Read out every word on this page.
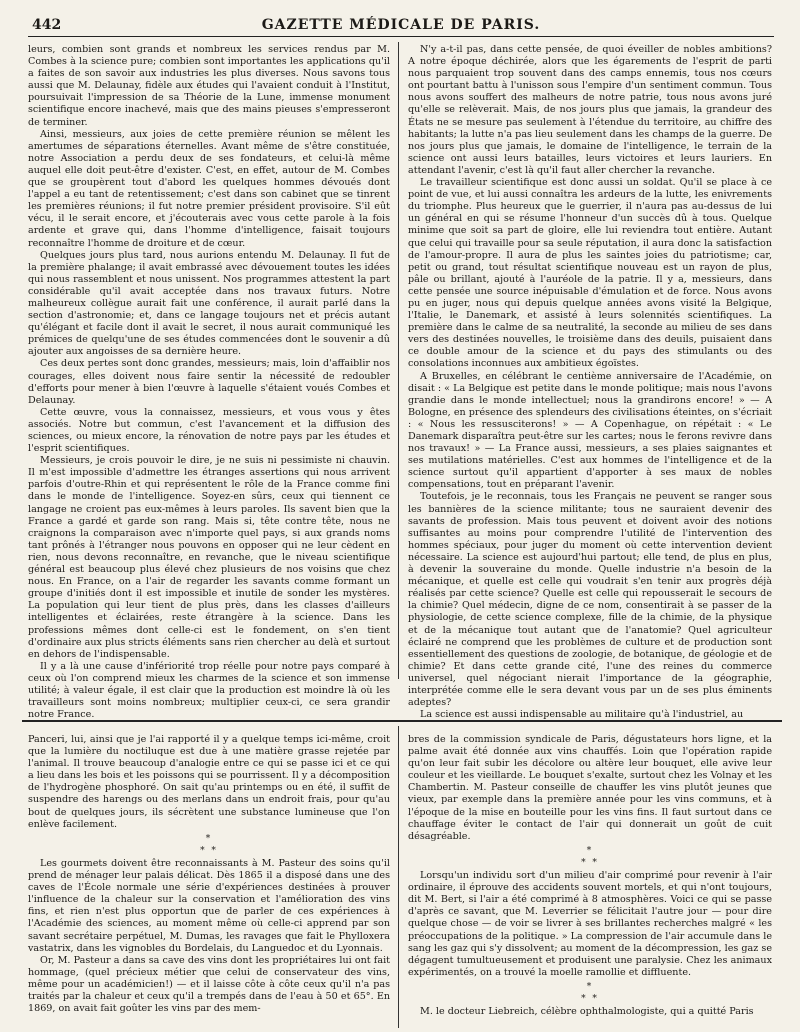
442	GAZETTE MÉDICALE DE PARIS.

leurs, combien sont grands et nombreux les services rendus par M. Combes à la science pure; combien sont importantes les applications qu'il a faites de son savoir aux industries les plus diverses. Nous savons tous aussi que M. Delaunay, fidèle aux études qui l'avaient conduit à l'Institut, poursuivait l'impression de sa Théorie de la Lune, immense monument scientifique encore inachevé, mais que des mains pieuses s'empresseront de terminer.

Ainsi, messieurs, aux joies de cette première réunion se mêlent les amertumes de séparations éternelles. Avant même de s'être constituée, notre Association a perdu deux de ses fondateurs, et celui-là même auquel elle doit peut-être d'exister. C'est, en effet, autour de M. Combes que se groupèrent tout d'abord les quelques hommes dévoués dont l'appel a eu tant de retentissement; c'est dans son cabinet que se tinrent les premières réunions; il fut notre premier président provisoire. S'il eût vécu, il le serait encore, et j'écouterais avec vous cette parole à la fois ardente et grave qui, dans l'homme d'intelligence, faisait toujours reconnaître l'homme de droiture et de cœur.

Quelques jours plus tard, nous aurions entendu M. Delaunay. Il fut de la première phalange; il avait embrassé avec dévouement toutes les idées qui nous rassemblent et nous unissent. Nos programmes attestent la part considérable qu'il avait acceptée dans nos travaux futurs. Notre malheureux collègue aurait fait une conférence, il aurait parlé dans la section d'astronomie; et, dans ce langage toujours net et précis autant qu'élégant et facile dont il avait le secret, il nous aurait communiqué les prémices de quelqu'une de ses études commencées dont le souvenir a dû ajouter aux angoisses de sa dernière heure.

Ces deux pertes sont donc grandes, messieurs; mais, loin d'affaiblir nos courages, elles doivent nous faire sentir la nécessité de redoubler d'efforts pour mener à bien l'œuvre à laquelle s'étaient voués Combes et Delaunay.

Cette œuvre, vous la connaissez, messieurs, et vous vous y êtes associés. Notre but commun, c'est l'avancement et la diffusion des sciences, ou mieux encore, la rénovation de notre pays par les études et l'esprit scientifiques.

Messieurs, je crois pouvoir le dire, je ne suis ni pessimiste ni chauvin. Il m'est impossible d'admettre les étranges assertions qui nous arrivent parfois d'outre-Rhin et qui représentent le rôle de la France comme fini dans le monde de l'intelligence. Soyez-en sûrs, ceux qui tiennent ce langage ne croient pas eux-mêmes à leurs paroles. Ils savent bien que la France a gardé et garde son rang. Mais si, tête contre tête, nous ne craignons la comparaison avec n'importe quel pays, si aux grands noms tant prônés à l'étranger nous pouvons en opposer qui ne leur cèdent en rien, nous devons reconnaître, en revanche, que le niveau scientifique général est beaucoup plus élevé chez plusieurs de nos voisins que chez nous. En France, on a l'air de regarder les savants comme formant un groupe d'initiés dont il est impossible et inutile de sonder les mystères. La population qui leur tient de plus près, dans les classes d'ailleurs intelligentes et éclairées, reste étrangère à la science. Dans les professions mêmes dont celle-ci est le fondement, on s'en tient d'ordinaire aux plus stricts éléments sans rien chercher au delà et surtout en dehors de l'indispensable.

Il y a là une cause d'infériorité trop réelle pour notre pays comparé à ceux où l'on comprend mieux les charmes de la science et son immense utilité; à valeur égale, il est clair que la production est moindre là où les travailleurs sont moins nombreux; multiplier ceux-ci, ce sera grandir notre France.

N'y a-t-il pas, dans cette pensée, de quoi éveiller de nobles ambitions? A notre époque déchirée, alors que les égarements de l'esprit de parti nous parquaient trop souvent dans des camps ennemis, tous nos cœurs ont pourtant battu à l'unisson sous l'empire d'un sentiment commun. Tous nous avons souffert des malheurs de notre patrie, tous nous avons juré qu'elle se relèverait. Mais, de nos jours plus que jamais, la grandeur des États ne se mesure pas seulement à l'étendue du territoire, au chiffre des habitants; la lutte n'a pas lieu seulement dans les champs de la guerre. De nos jours plus que jamais, le domaine de l'intelligence, le terrain de la science ont aussi leurs batailles, leurs victoires et leurs lauriers. En attendant l'avenir, c'est là qu'il faut aller chercher la revanche.

Le travailleur scientifique est donc aussi un soldat. Qu'il se place à ce point de vue, et lui aussi connaîtra les ardeurs de la lutte, les enivrements du triomphe. Plus heureux que le guerrier, il n'aura pas au-dessus de lui un général en qui se résume l'honneur d'un succès dû à tous. Quelque minime que soit sa part de gloire, elle lui reviendra tout entière. Autant que celui qui travaille pour sa seule réputation, il aura donc la satisfaction de l'amour-propre. Il aura de plus les saintes joies du patriotisme; car, petit ou grand, tout résultat scientifique nouveau est un rayon de plus, pâle ou brillant, ajouté à l'auréole de la patrie. Il y a, messieurs, dans cette pensée une source inépuisable d'émulation et de force. Nous avons pu en juger, nous qui depuis quelque années avons visité la Belgique, l'Italie, le Danemark, et assisté à leurs solennités scientifiques. La première dans le calme de sa neutralité, la seconde au milieu de ses dans vers des destinées nouvelles, le troisième dans des deuils, puisaient dans ce double amour de la science et du pays des stimulants ou des consolations inconnues aux ambitieux égoïstes.

A Bruxelles, en célébrant le centième anniversaire de l'Académie, on disait : « La Belgique est petite dans le monde politique; mais nous l'avons grandie dans le monde intellectuel; nous la grandirons encore! » — A Bologne, en présence des splendeurs des civilisations éteintes, on s'écriait : « Nous les ressusciterons! » — A Copenhague, on répétait : « Le Danemark disparaîtra peut-être sur les cartes; nous le ferons revivre dans nos travaux! » — La France aussi, messieurs, a ses plaies saignantes et ses mutilations matérielles. C'est aux hommes de l'intelligence et de la science surtout qu'il appartient d'apporter à ses maux de nobles compensations, tout en préparant l'avenir.

Toutefois, je le reconnais, tous les Français ne peuvent se ranger sous les bannières de la science militante; tous ne sauraient devenir des savants de profession. Mais tous peuvent et doivent avoir des notions suffisantes au moins pour comprendre l'utilité de l'intervention des hommes spéciaux, pour juger du moment où cette intervention devient nécessaire. La science est aujourd'hui partout; elle tend, de plus en plus, à devenir la souveraine du monde. Quelle industrie n'a besoin de la mécanique, et quelle est celle qui voudrait s'en tenir aux progrès déjà réalisés par cette science? Quelle est celle qui repousserait le secours de la chimie? Quel médecin, digne de ce nom, consentirait à se passer de la physiologie, de cette science complexe, fille de la chimie, de la physique et de la mécanique tout autant que de l'anatomie? Quel agriculteur éclairé ne comprend que les problèmes de culture et de production sont essentiellement des questions de zoologie, de botanique, de géologie et de chimie? Et dans cette grande cité, l'une des reines du commerce universel, quel négociant nierait l'importance de la géographie, interprétée comme elle le sera devant vous par un de ses plus éminents adeptes?

La science est aussi indispensable au militaire qu'à l'industriel, au

Panceri, lui, ainsi que je l'ai rapporté il y a quelque temps ici-même, croit que la lumière du noctiluque est due à une matière grasse rejetée par l'animal. Il trouve beaucoup d'analogie entre ce qui se passe ici et ce qui a lieu dans les bois et les poissons qui se pourrissent. Il y a décomposition de l'hydrogène phosphoré. On sait qu'au printemps ou en été, il suffit de suspendre des harengs ou des merlans dans un endroit frais, pour qu'au bout de quelques jours, ils sécrètent une substance lumineuse que l'on enlève facilement.

*
* *

Les gourmets doivent être reconnaissants à M. Pasteur des soins qu'il prend de ménager leur palais délicat. Dès 1865 il a disposé dans une des caves de l'École normale une série d'expériences destinées à prouver l'influence de la chaleur sur la conservation et l'amélioration des vins fins, et rien n'est plus opportun que de parler de ces expériences à l'Académie des sciences, au moment même où celle-ci apprend par son savant secrétaire perpétuel, M. Dumas, les ravages que fait le Phylloxera vastatrix, dans les vignobles du Bordelais, du Languedoc et du Lyonnais.

Or, M. Pasteur a dans sa cave des vins dont les propriétaires lui ont fait hommage, (quel précieux métier que celui de conservateur des vins, même pour un académicien!) — et il laisse côte à côte ceux qu'il n'a pas traités par la chaleur et ceux qu'il a trempés dans de l'eau à 50 et 65°. En 1869, on avait fait goûter les vins par des mem-

bres de la commission syndicale de Paris, dégustateurs hors ligne, et la palme avait été donnée aux vins chauffés. Loin que l'opération rapide qu'on leur fait subir les décolore ou altère leur bouquet, elle avive leur couleur et les vieillarde. Le bouquet s'exalte, surtout chez les Volnay et les Chambertin. M. Pasteur conseille de chauffer les vins plutôt jeunes que vieux, par exemple dans la première année pour les vins communs, et à l'époque de la mise en bouteille pour les vins fins. Il faut surtout dans ce chauffage éviter le contact de l'air qui donnerait un goût de cuit désagréable.

*
* *

Lorsqu'un individu sort d'un milieu d'air comprimé pour revenir à l'air ordinaire, il éprouve des accidents souvent mortels, et qui n'ont toujours, dit M. Bert, si l'air a été comprimé à 8 atmosphères. Voici ce qui se passe d'après ce savant, que M. Leverrier se félicitait l'autre jour — pour dire quelque chose — de voir se livrer à ses brillantes recherches malgré « les préoccupations de la politique. » La compression de l'air accumule dans le sang les gaz qui s'y dissolvent; au moment de la décompression, les gaz se dégagent tumultueusement et produisent une paralysie. Chez les animaux expérimentés, on a trouvé la moelle ramollie et diffluente.

*
* *

M. le docteur Liebreich, célèbre ophthalmologiste, qui a quitté Paris
